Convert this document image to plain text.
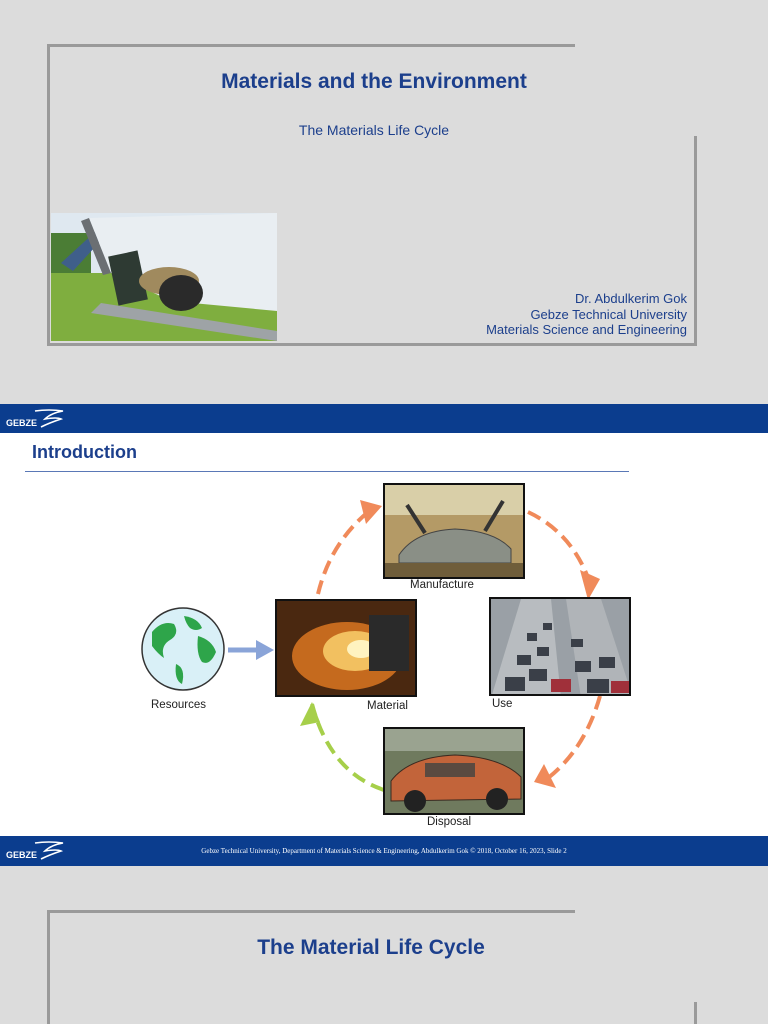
Materials and the Environment
The Materials Life Cycle
Dr. Abdulkerim Gok
Gebze Technical University
Materials Science and Engineering
GEBZE
Introduction
Resources	Material
Manufacture
Use
Disposal
GEBZE	Gebze Technical University, Department of Materials Science & Engineering, Abdulkerim Gok © 2018, October 16, 2023, Slide 2
The Material Life Cycle
